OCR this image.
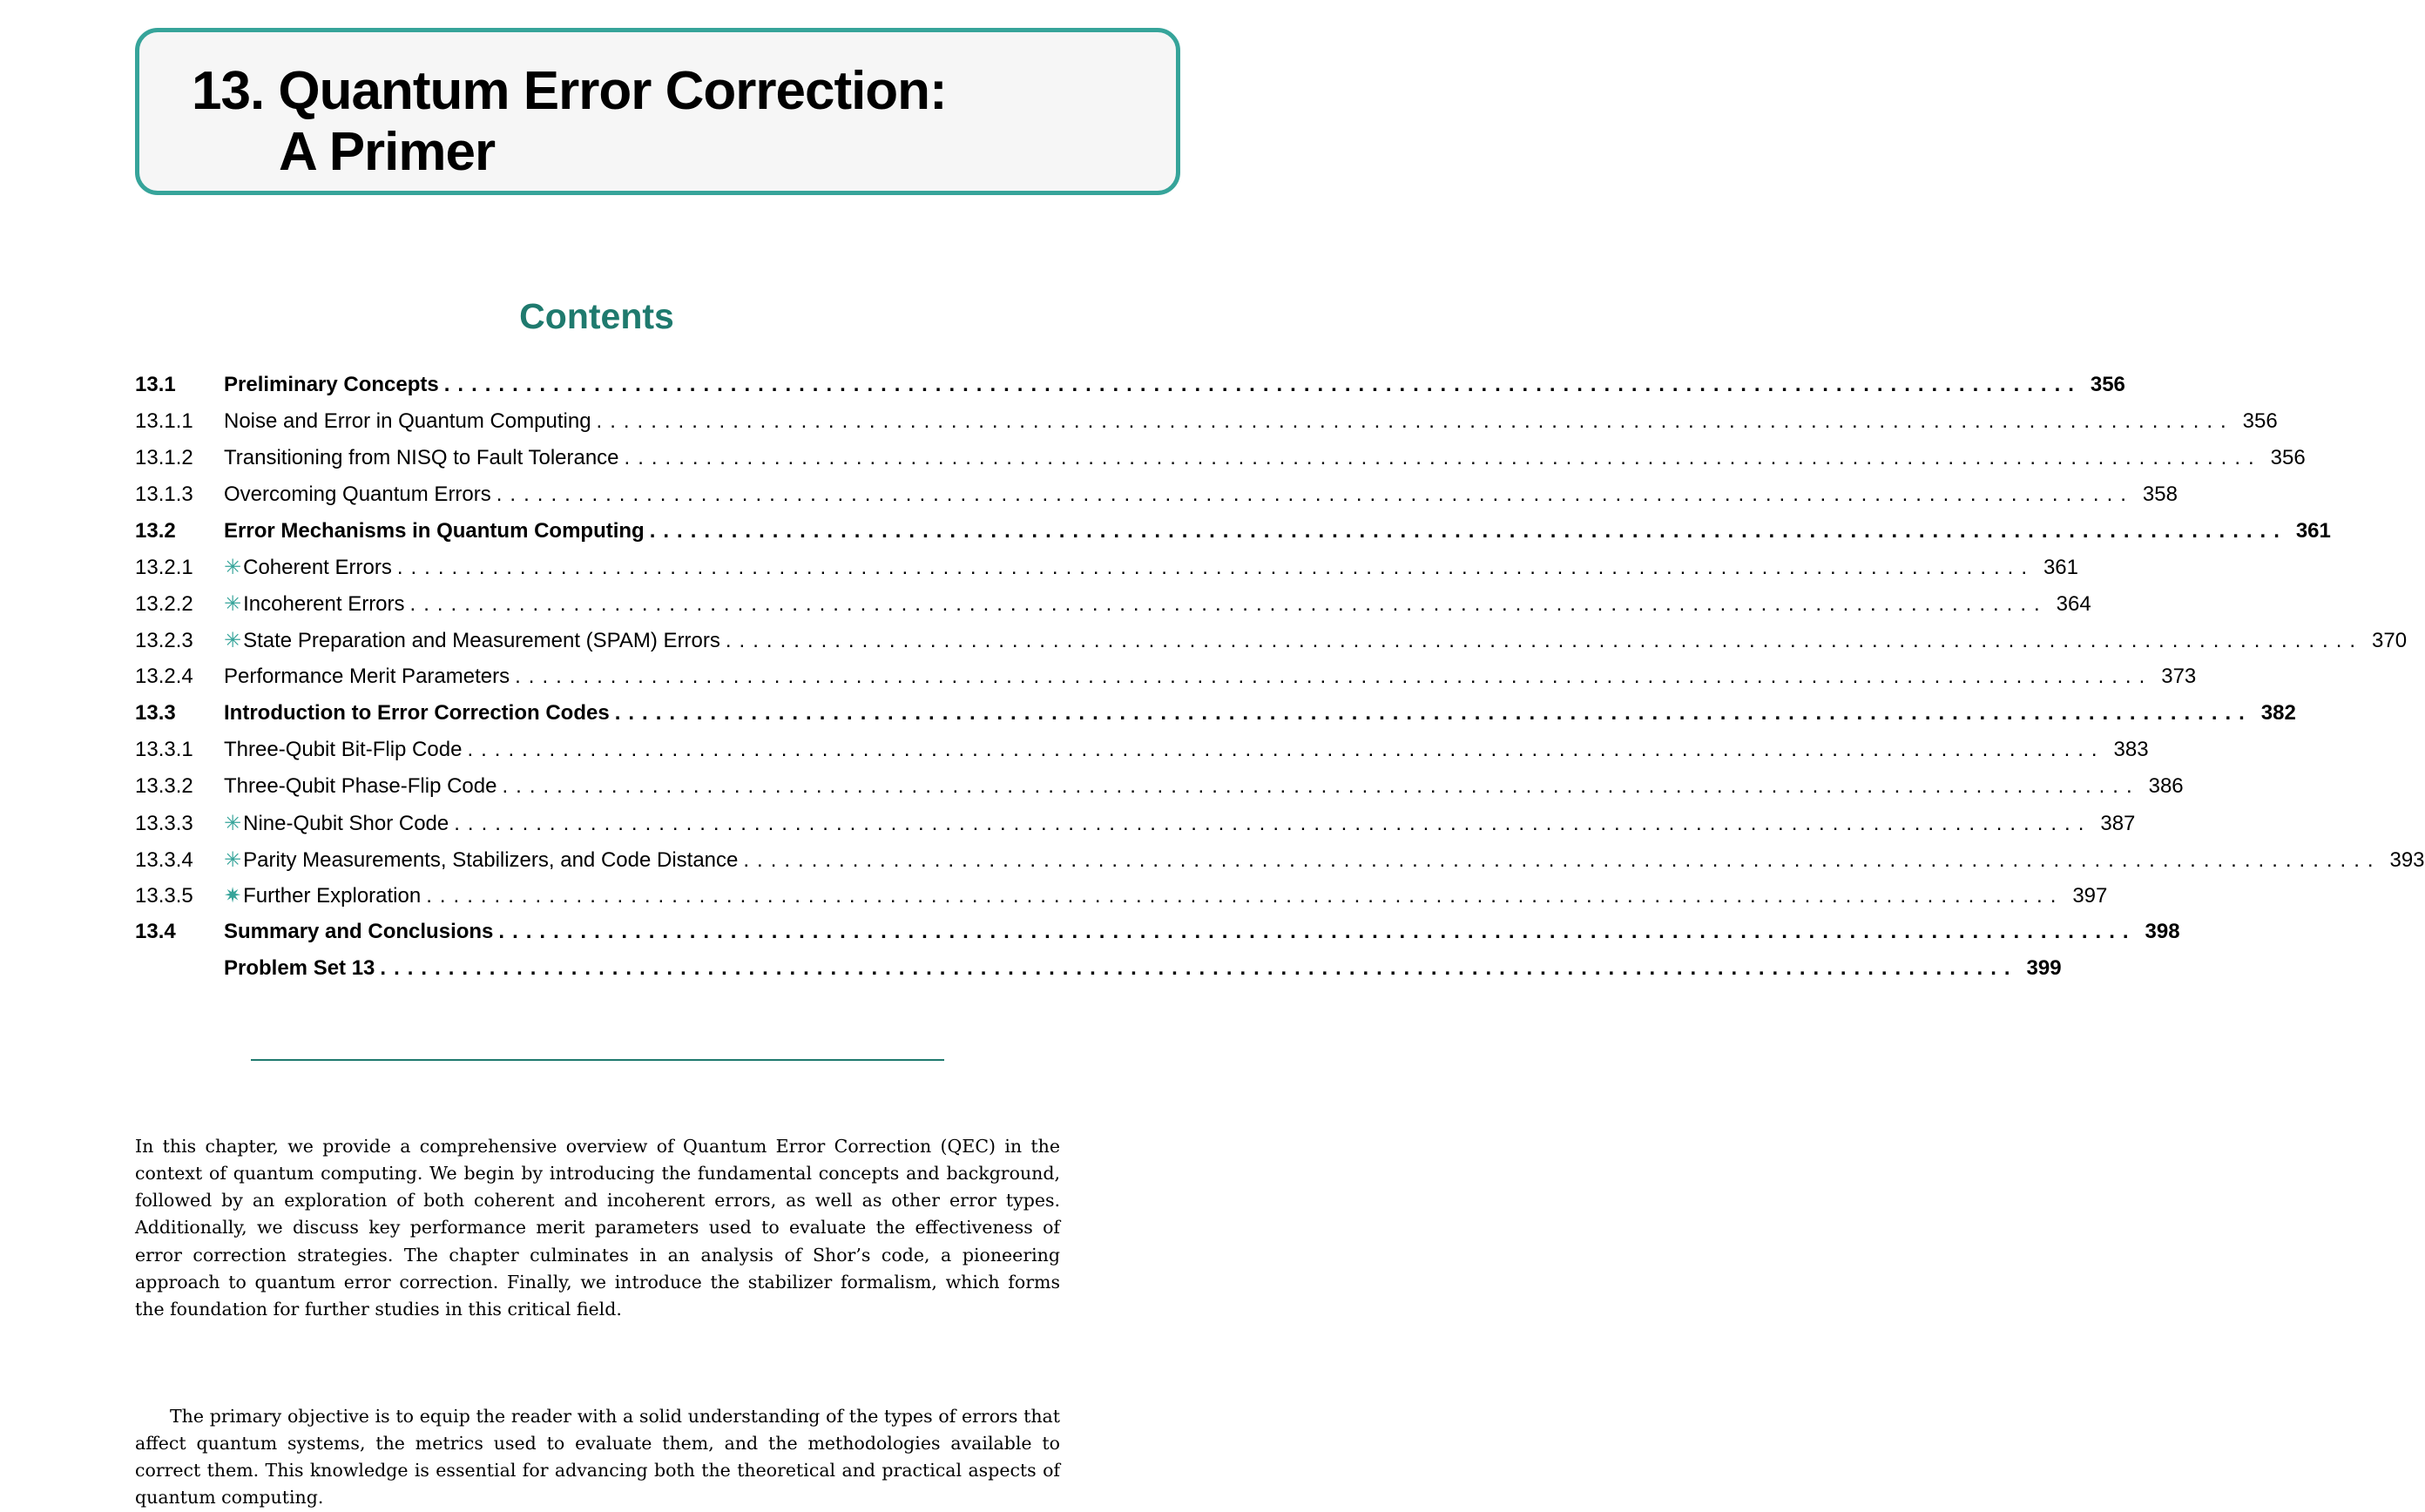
13. Quantum Error Correction:
A Primer
Contents
13.1	Preliminary Concepts ........................................................................................................................ 356
13.1.1	Noise and Error in Quantum Computing ........................................................................................................................ 356
13.1.2	Transitioning from NISQ to Fault Tolerance ........................................................................................................................ 356
13.1.3	Overcoming Quantum Errors ........................................................................................................................ 358
13.2	Error Mechanisms in Quantum Computing ........................................................................................................................ 361
13.2.1	✳Coherent Errors ........................................................................................................................ 361
13.2.2	✳Incoherent Errors ........................................................................................................................ 364
13.2.3	✳State Preparation and Measurement (SPAM) Errors ........................................................................................................................ 370
13.2.4	Performance Merit Parameters ........................................................................................................................ 373
13.3	Introduction to Error Correction Codes ........................................................................................................................ 382
13.3.1	Three-Qubit Bit-Flip Code ........................................................................................................................ 383
13.3.2	Three-Qubit Phase-Flip Code ........................................................................................................................ 386
13.3.3	✳Nine-Qubit Shor Code ........................................................................................................................ 387
13.3.4	✳Parity Measurements, Stabilizers, and Code Distance ........................................................................................................................ 393
13.3.5	✷Further Exploration ........................................................................................................................ 397
13.4	Summary and Conclusions ........................................................................................................................ 398
Problem Set 13 ........................................................................................................................ 399

In this chapter, we provide a comprehensive overview of Quantum Error Correction (QEC) in the context of quantum computing. We begin by introducing the fundamental concepts and background, followed by an exploration of both coherent and incoherent errors, as well as other error types. Additionally, we discuss key performance merit parameters used to evaluate the effectiveness of error correction strategies. The chapter culminates in an analysis of Shor’s code, a pioneering approach to quantum error correction. Finally, we introduce the stabilizer formalism, which forms the foundation for further studies in this critical field.

The primary objective is to equip the reader with a solid understanding of the types of errors that affect quantum systems, the metrics used to evaluate them, and the methodologies available to correct them. This knowledge is essential for advancing both the theoretical and practical aspects of quantum computing.
